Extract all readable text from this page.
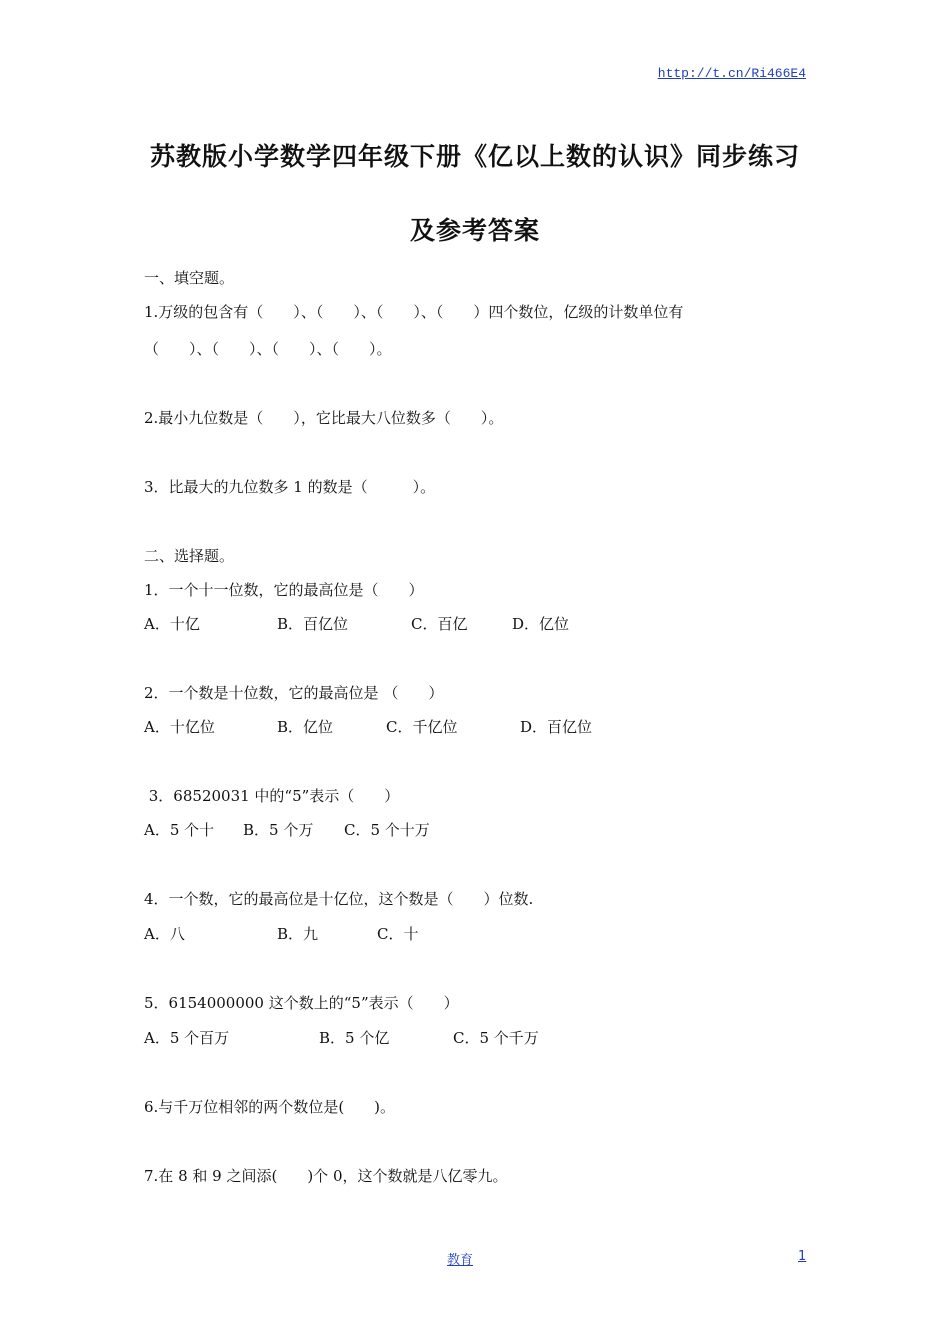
http://t.cn/Ri466E4
苏教版小学数学四年级下册《亿以上数的认识》同步练习
及参考答案
一、填空题。
1.万级的包含有（　　）、（　　）、（　　）、（　　）四个数位，亿级的计数单位有
（　　）、（　　）、（　　）、（　　）。
2.最小九位数是（　　），它比最大八位数多（　　）。
3．比最大的九位数多 1 的数是（　　　）。
二、选择题。
1．一个十一位数，它的最高位是（　　）
A．十亿	B．百亿位	C．百亿	D．亿位
2．一个数是十位数，它的最高位是 （　　）
A．十亿位	B．亿位	C．千亿位	D．百亿位
3．68520031 中的“5”表示（　　）
A．5 个十 B．5 个万 C．5 个十万
4．一个数，它的最高位是十亿位，这个数是（　　）位数.
A．八	B．九	C．十
5．6154000000 这个数上的“5”表示（　　）
A．5 个百万	B．5 个亿	C．5 个千万
6.与千万位相邻的两个数位是(　　)。
7.在 8 和 9 之间添(　　)个 0，这个数就是八亿零九。
教育	1
